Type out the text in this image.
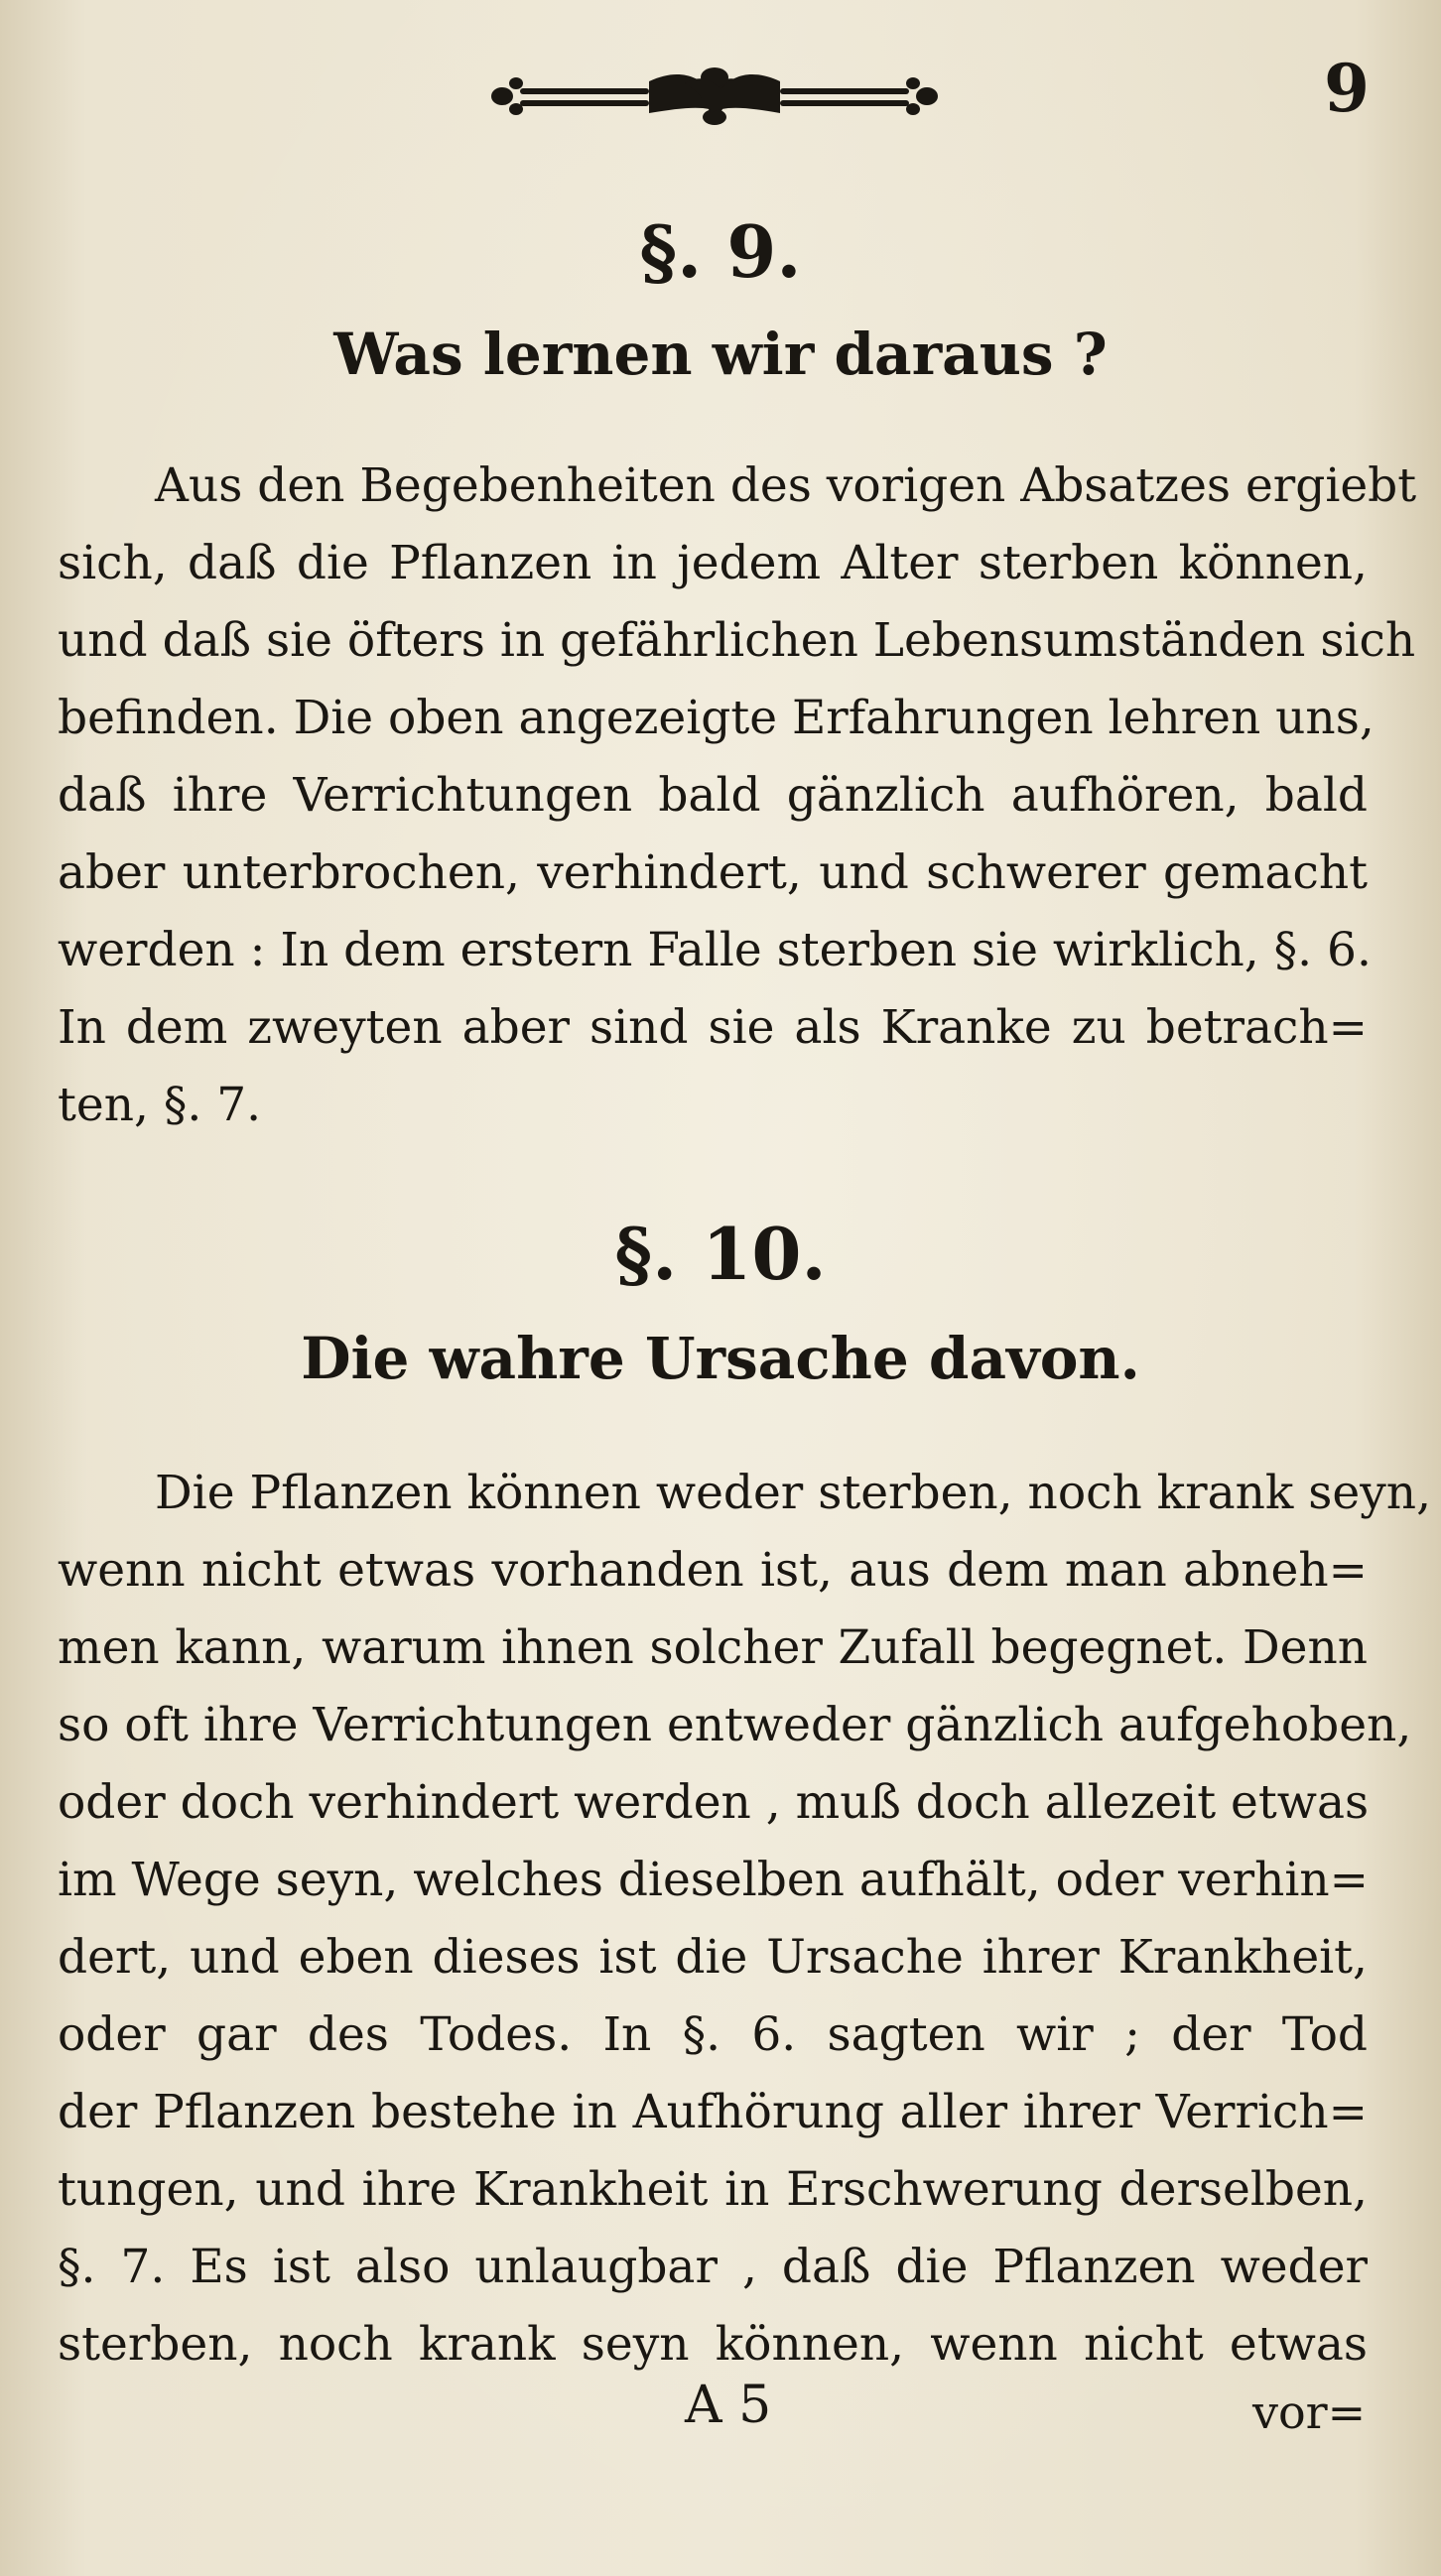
9
§. 9.
Was lernen wir daraus ?
Aus den Begebenheiten des vorigen Absatzes ergiebt
sich, daß die Pflanzen in jedem Alter sterben können,
und daß sie öfters in gefährlichen Lebensumständen sich
befinden. Die oben angezeigte Erfahrungen lehren uns,
daß ihre Verrichtungen bald gänzlich aufhören, bald
aber unterbrochen, verhindert, und schwerer gemacht
werden : In dem erstern Falle sterben sie wirklich, §. 6.
In dem zweyten aber sind sie als Kranke zu betrach=
ten, §. 7.
§. 10.
Die wahre Ursache davon.
Die Pflanzen können weder sterben, noch krank seyn,
wenn nicht etwas vorhanden ist, aus dem man abneh=
men kann, warum ihnen solcher Zufall begegnet. Denn
so oft ihre Verrichtungen entweder gänzlich aufgehoben,
oder doch verhindert werden , muß doch allezeit etwas
im Wege seyn, welches dieselben aufhält, oder verhin=
dert, und eben dieses ist die Ursache ihrer Krankheit,
oder gar des Todes. In §. 6. sagten wir ; der Tod
der Pflanzen bestehe in Aufhörung aller ihrer Verrich=
tungen, und ihre Krankheit in Erschwerung derselben,
§. 7. Es ist also unlaugbar , daß die Pflanzen weder
sterben, noch krank seyn können, wenn nicht etwas
A 5	vor=
